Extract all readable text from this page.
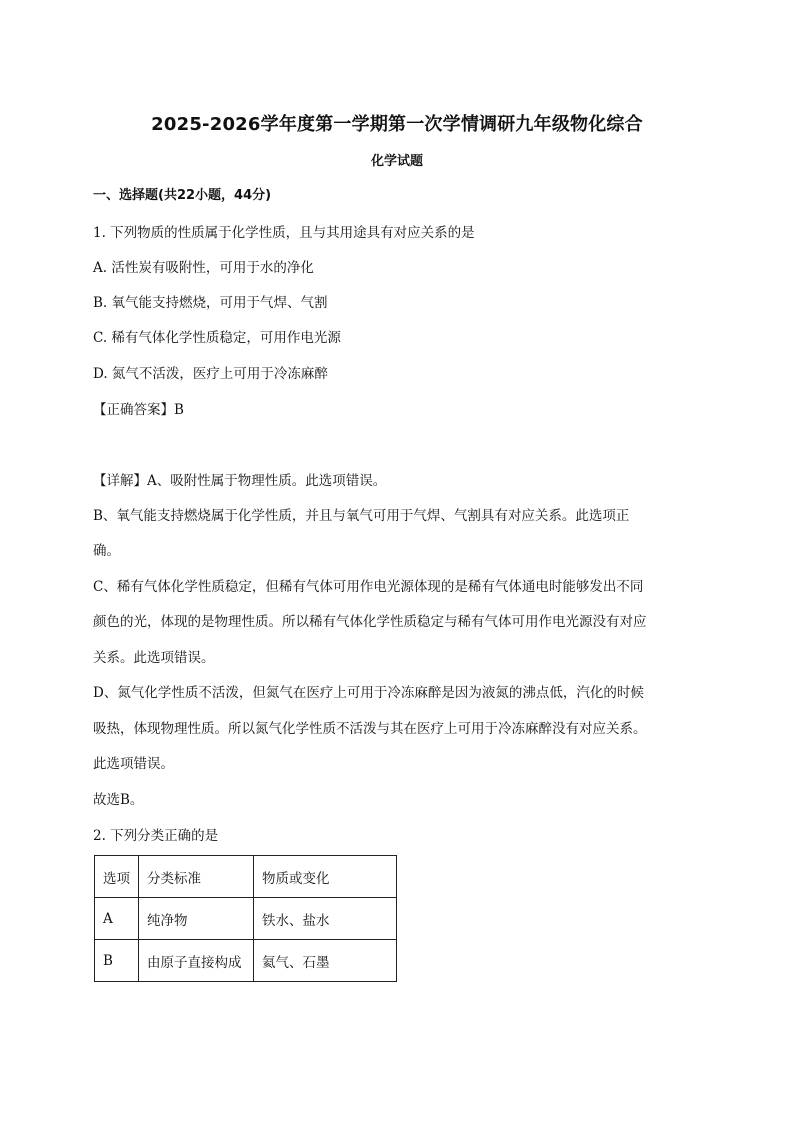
2025-2026学年度第一学期第一次学情调研九年级物化综合
化学试题
一、选择题(共22小题，44分)
1. 下列物质的性质属于化学性质，且与其用途具有对应关系的是
A. 活性炭有吸附性，可用于水的净化
B. 氧气能支持燃烧，可用于气焊、气割
C. 稀有气体化学性质稳定，可用作电光源
D. 氮气不活泼，医疗上可用于冷冻麻醉
【正确答案】B
【详解】A、吸附性属于物理性质。此选项错误。
B、氧气能支持燃烧属于化学性质，并且与氧气可用于气焊、气割具有对应关系。此选项正
确。
C、稀有气体化学性质稳定，但稀有气体可用作电光源体现的是稀有气体通电时能够发出不同
颜色的光，体现的是物理性质。所以稀有气体化学性质稳定与稀有气体可用作电光源没有对应
关系。此选项错误。
D、氮气化学性质不活泼，但氮气在医疗上可用于冷冻麻醉是因为液氮的沸点低，汽化的时候
吸热，体现物理性质。所以氮气化学性质不活泼与其在医疗上可用于冷冻麻醉没有对应关系。
此选项错误。
故选B。
2. 下列分类正确的是
选项	分类标准	物质或变化
A	纯净物	铁水、盐水
B	由原子直接构成	氦气、石墨
